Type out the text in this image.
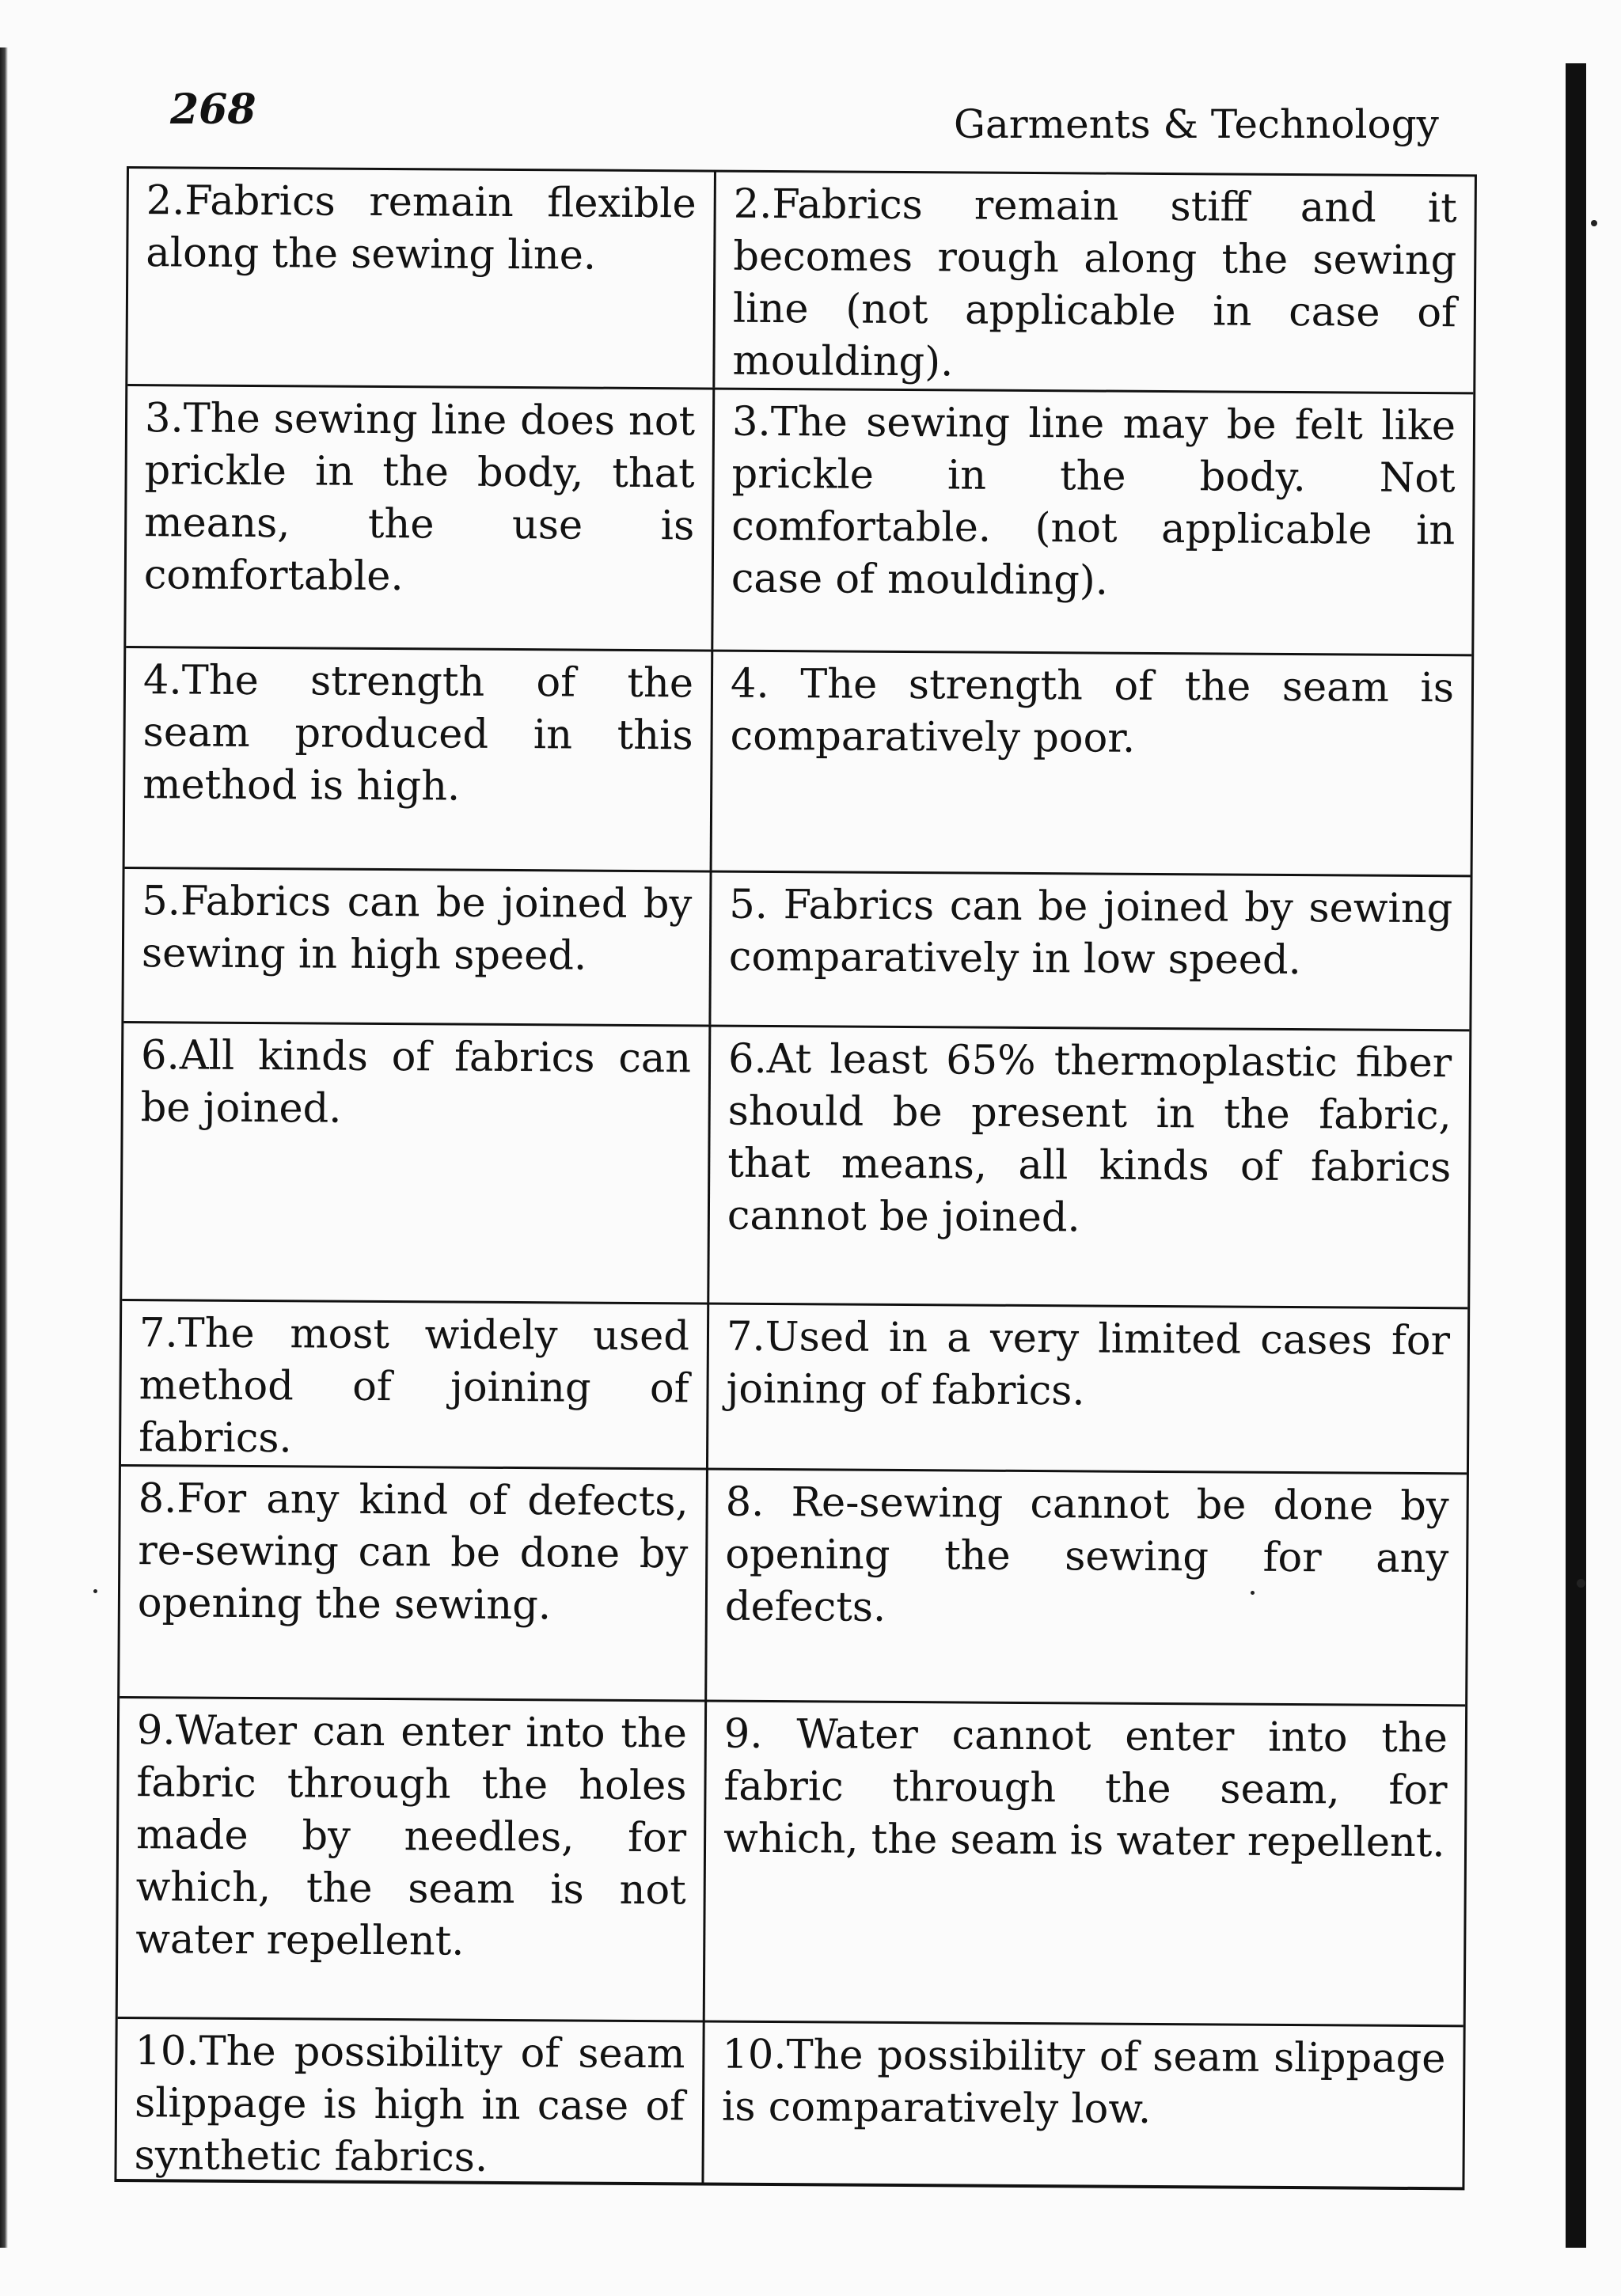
268	Garments & Technology
2.Fabrics remain flexible along the sewing line.
2.Fabrics remain stiff and it becomes rough along the sewing line (not applicable in case of moulding).
3.The sewing line does not prickle in the body, that means, the use is comfortable.
3.The sewing line may be felt like prickle in the body. Not comfortable. (not applicable in case of moulding).
4.The strength of the seam produced in this method is high.
4. The strength of the seam is comparatively poor.
5.Fabrics can be joined by sewing in high speed.
5. Fabrics can be joined by sewing comparatively in low speed.
6.All kinds of fabrics can be joined.
6.At least 65% thermoplastic fiber should be present in the fabric, that means, all kinds of fabrics cannot be joined.
7.The most widely used method of joining of fabrics.
7.Used in a very limited cases for joining of fabrics.
8.For any kind of defects, re-sewing can be done by opening the sewing.
8. Re-sewing cannot be done by opening the sewing for any defects.
9.Water can enter into the fabric through the holes made by needles, for which, the seam is not water repellent.
9. Water cannot enter into the fabric through the seam, for which, the seam is water repellent.
10.The possibility of seam slippage is high in case of synthetic fabrics.
10.The possibility of seam slippage is comparatively low.
